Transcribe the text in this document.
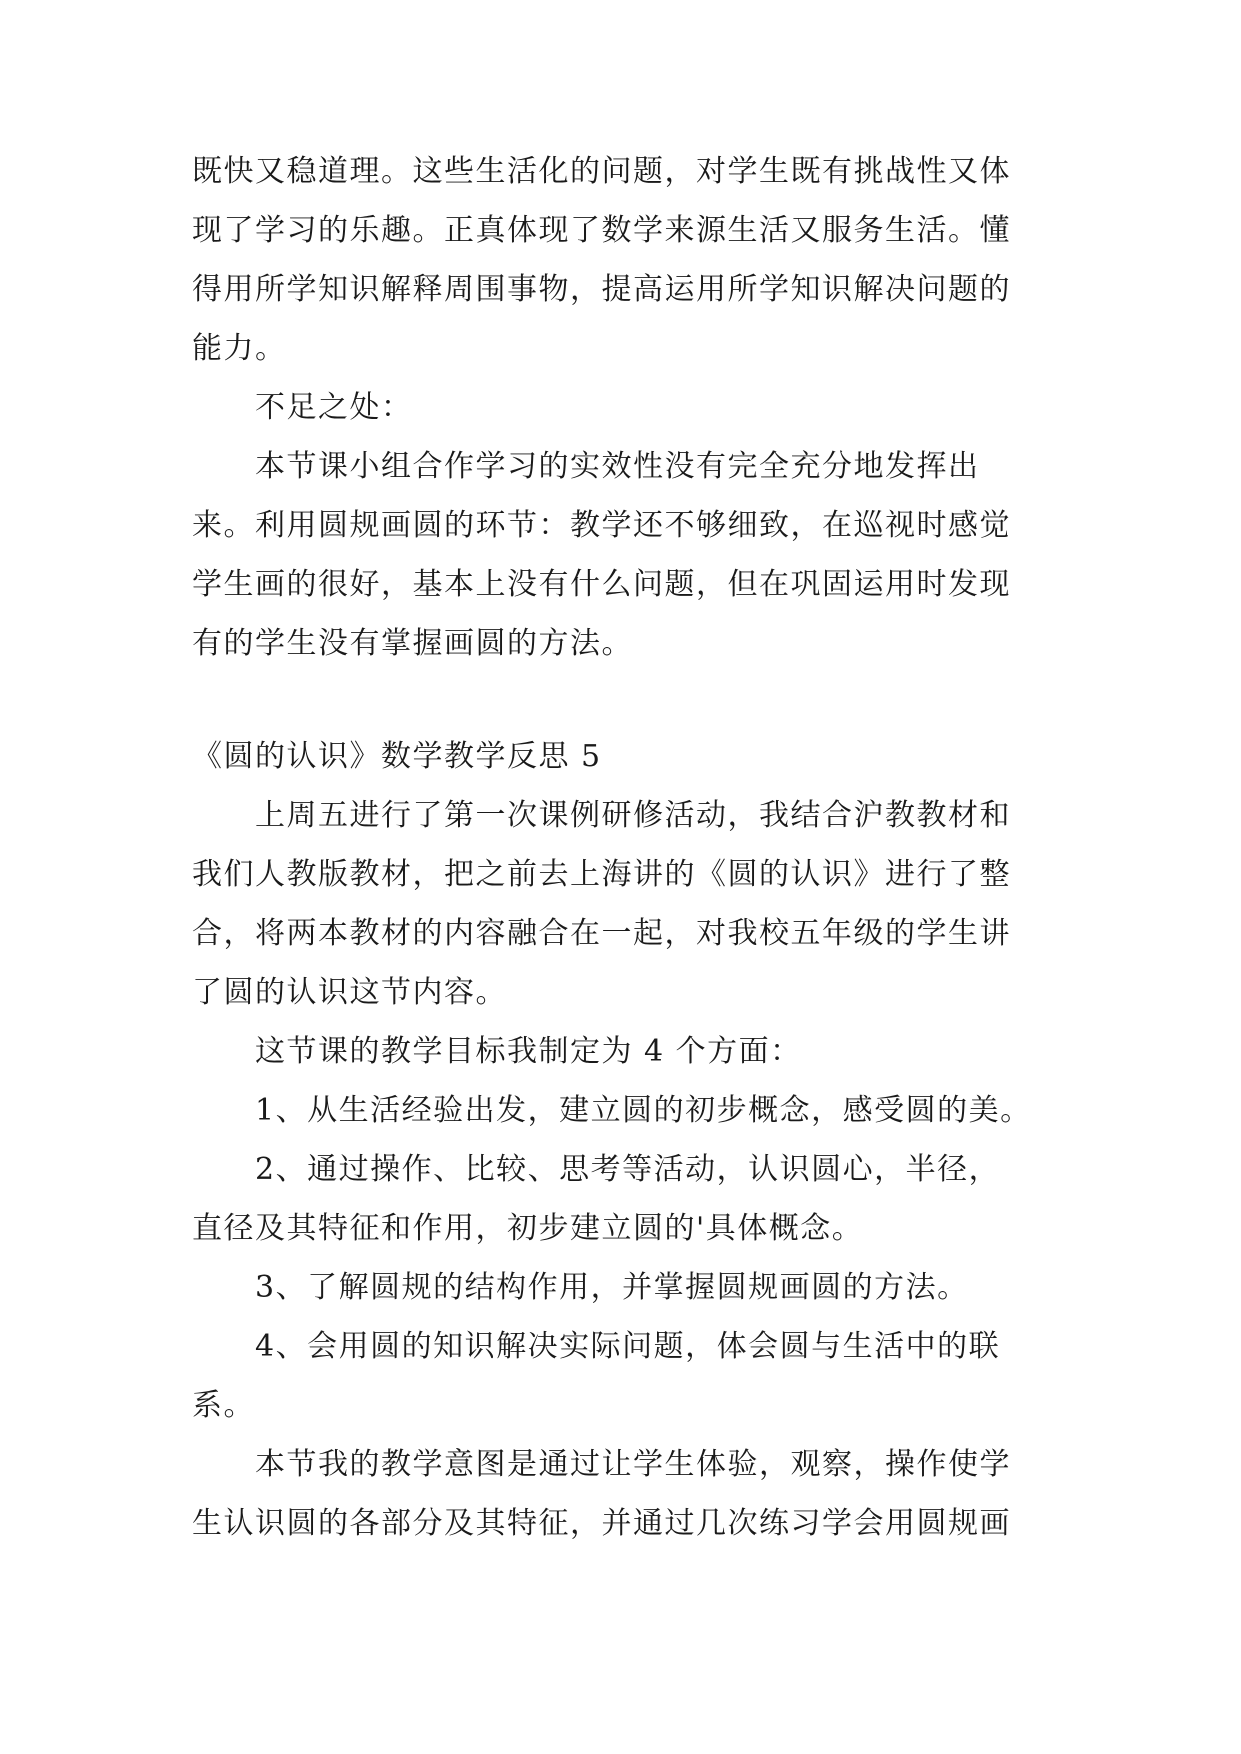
既快又稳道理。这些生活化的问题，对学生既有挑战性又体

现了学习的乐趣。正真体现了数学来源生活又服务生活。懂

得用所学知识解释周围事物，提高运用所学知识解决问题的

能力。

不足之处：

本节课小组合作学习的实效性没有完全充分地发挥出

来。利用圆规画圆的环节：教学还不够细致，在巡视时感觉

学生画的很好，基本上没有什么问题，但在巩固运用时发现

有的学生没有掌握画圆的方法。

《圆的认识》数学教学反思 5

上周五进行了第一次课例研修活动，我结合沪教教材和

我们人教版教材，把之前去上海讲的《圆的认识》进行了整

合，将两本教材的内容融合在一起，对我校五年级的学生讲

了圆的认识这节内容。

这节课的教学目标我制定为 4 个方面：

1、从生活经验出发，建立圆的初步概念，感受圆的美。

2、通过操作、比较、思考等活动，认识圆心，半径，

直径及其特征和作用，初步建立圆的'具体概念。

3、了解圆规的结构作用，并掌握圆规画圆的方法。

4、会用圆的知识解决实际问题，体会圆与生活中的联

系。

本节我的教学意图是通过让学生体验，观察，操作使学

生认识圆的各部分及其特征，并通过几次练习学会用圆规画
